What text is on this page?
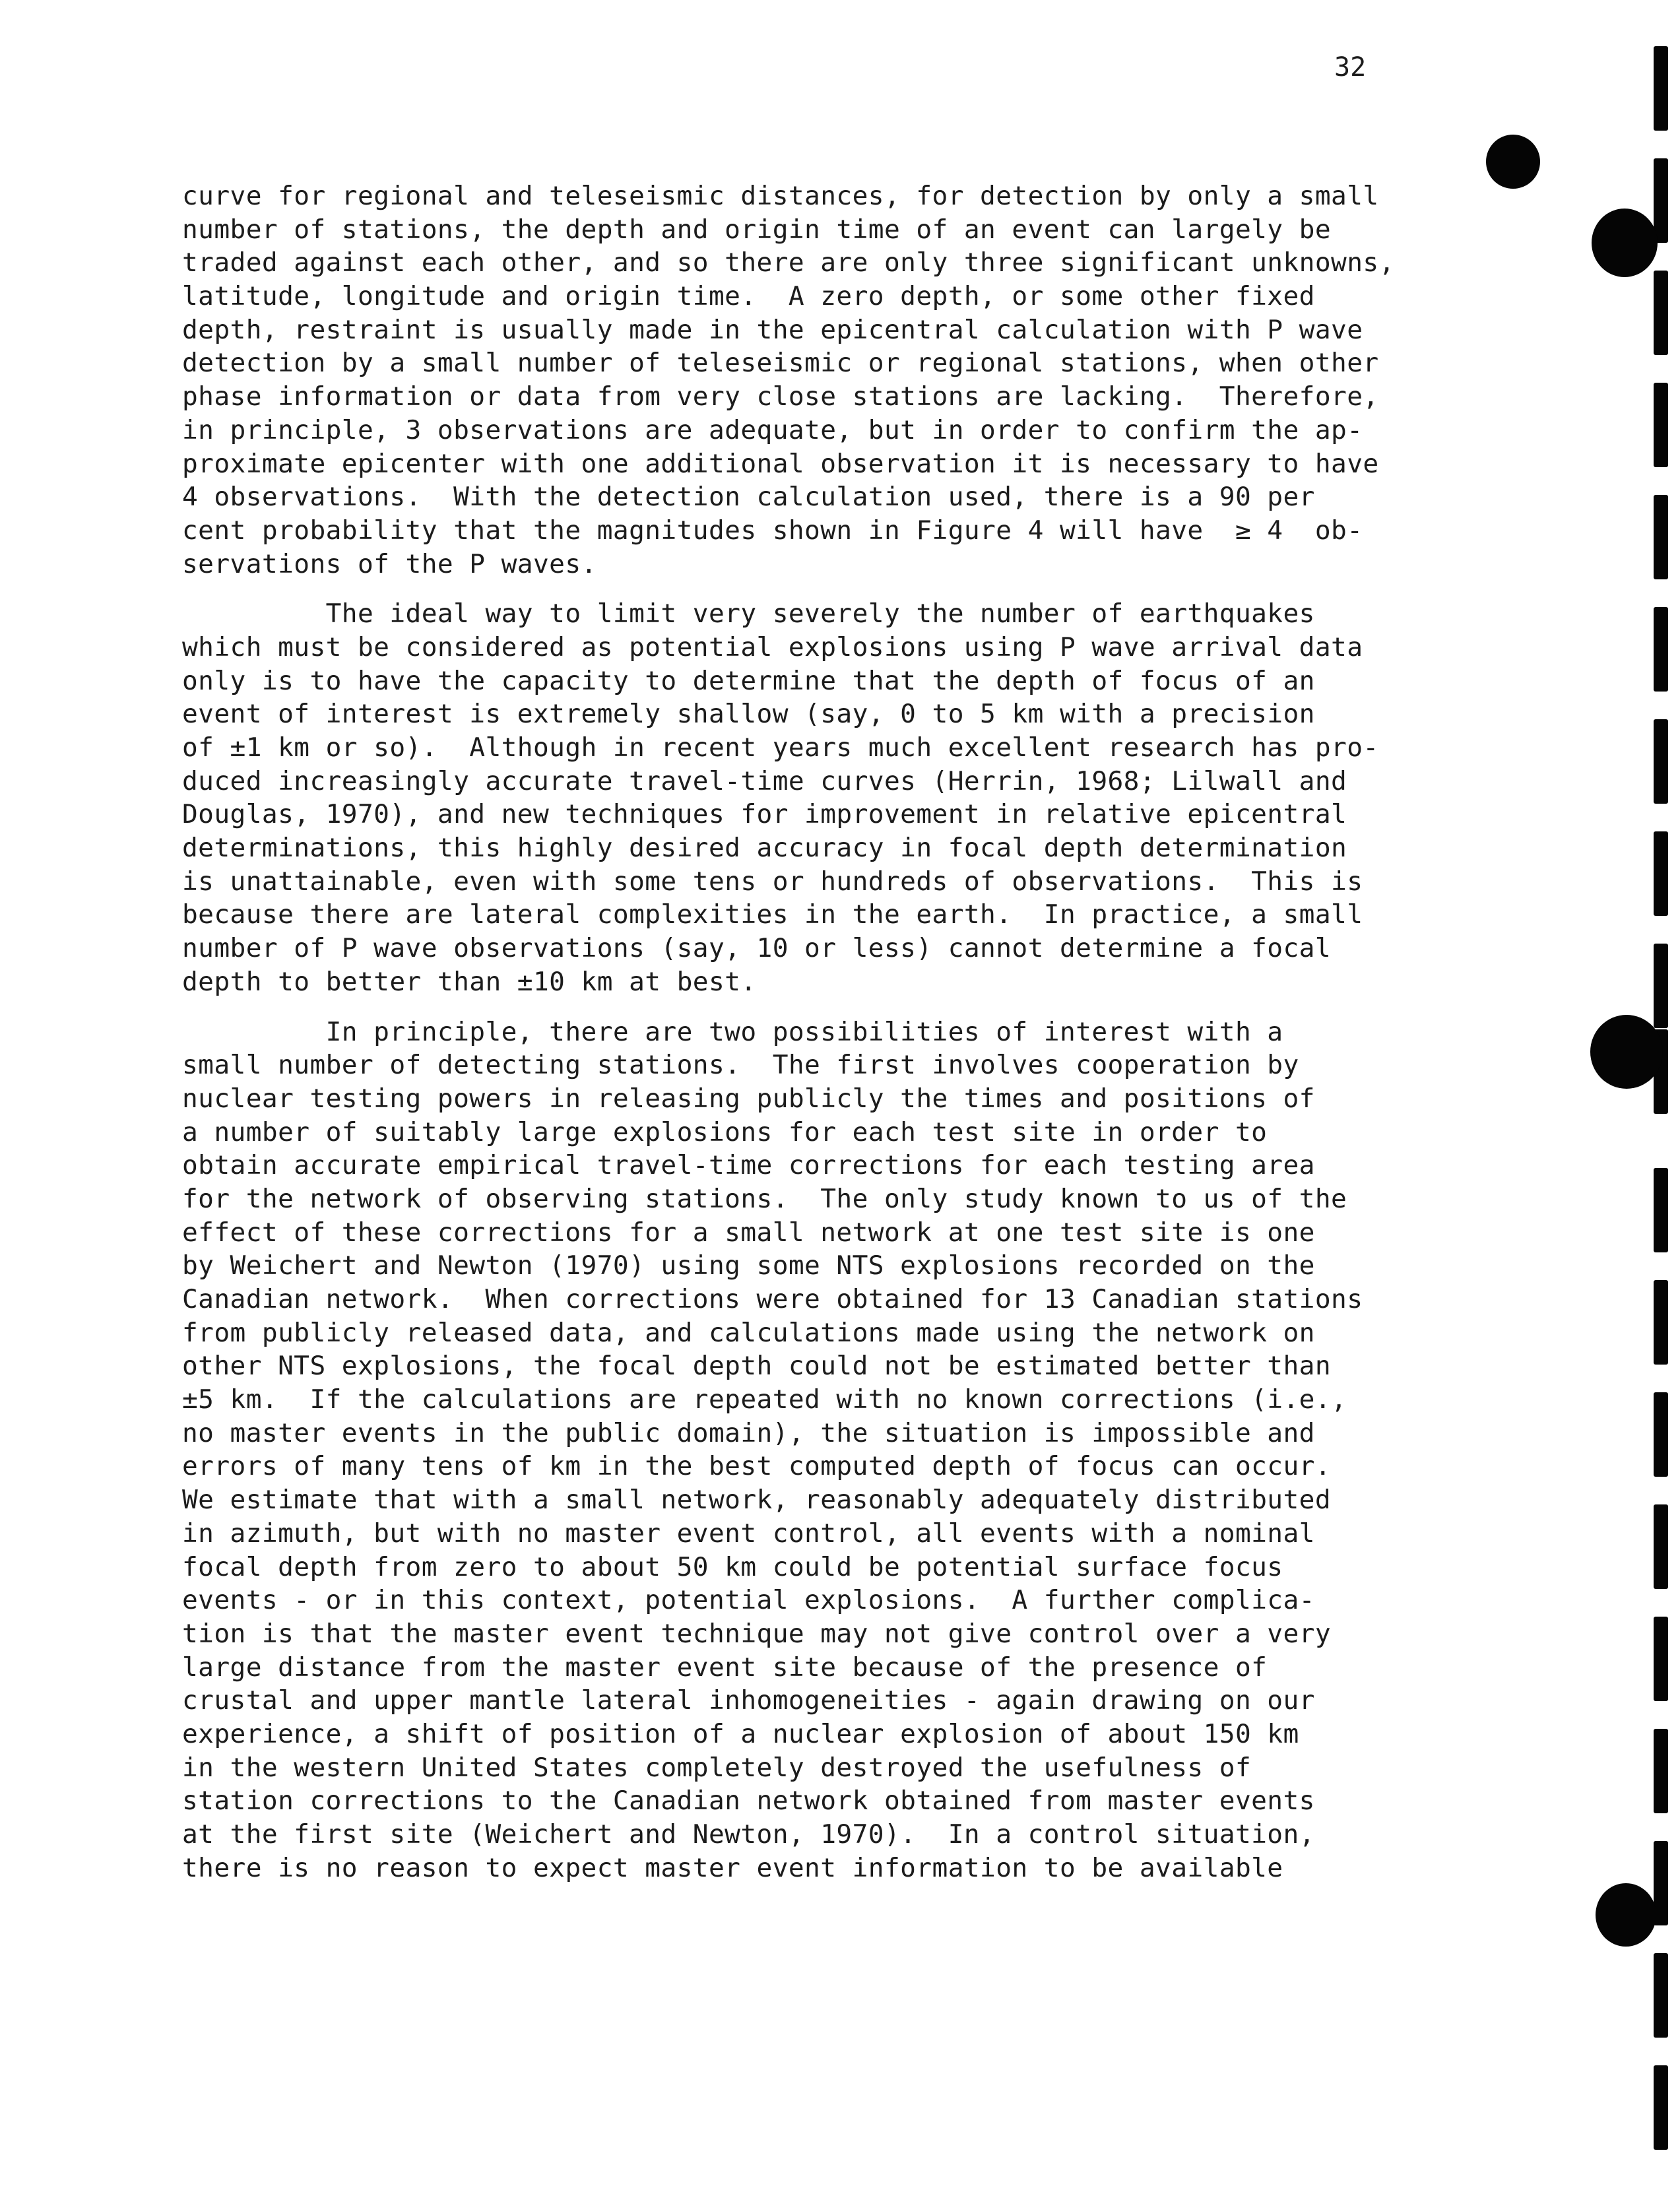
32

curve for regional and teleseismic distances, for detection by only a small
number of stations, the depth and origin time of an event can largely be
traded against each other, and so there are only three significant unknowns,
latitude, longitude and origin time.  A zero depth, or some other fixed
depth, restraint is usually made in the epicentral calculation with P wave
detection by a small number of teleseismic or regional stations, when other
phase information or data from very close stations are lacking.  Therefore,
in principle, 3 observations are adequate, but in order to confirm the ap-
proximate epicenter with one additional observation it is necessary to have
4 observations.  With the detection calculation used, there is a 90 per
cent probability that the magnitudes shown in Figure 4 will have  ≥ 4  ob-
servations of the P waves.

The ideal way to limit very severely the number of earthquakes
which must be considered as potential explosions using P wave arrival data
only is to have the capacity to determine that the depth of focus of an
event of interest is extremely shallow (say, 0 to 5 km with a precision
of ±1 km or so).  Although in recent years much excellent research has pro-
duced increasingly accurate travel-time curves (Herrin, 1968; Lilwall and
Douglas, 1970), and new techniques for improvement in relative epicentral
determinations, this highly desired accuracy in focal depth determination
is unattainable, even with some tens or hundreds of observations.  This is
because there are lateral complexities in the earth.  In practice, a small
number of P wave observations (say, 10 or less) cannot determine a focal
depth to better than ±10 km at best.

In principle, there are two possibilities of interest with a
small number of detecting stations.  The first involves cooperation by
nuclear testing powers in releasing publicly the times and positions of
a number of suitably large explosions for each test site in order to
obtain accurate empirical travel-time corrections for each testing area
for the network of observing stations.  The only study known to us of the
effect of these corrections for a small network at one test site is one
by Weichert and Newton (1970) using some NTS explosions recorded on the
Canadian network.  When corrections were obtained for 13 Canadian stations
from publicly released data, and calculations made using the network on
other NTS explosions, the focal depth could not be estimated better than
±5 km.  If the calculations are repeated with no known corrections (i.e.,
no master events in the public domain), the situation is impossible and
errors of many tens of km in the best computed depth of focus can occur.
We estimate that with a small network, reasonably adequately distributed
in azimuth, but with no master event control, all events with a nominal
focal depth from zero to about 50 km could be potential surface focus
events - or in this context, potential explosions.  A further complica-
tion is that the master event technique may not give control over a very
large distance from the master event site because of the presence of
crustal and upper mantle lateral inhomogeneities - again drawing on our
experience, a shift of position of a nuclear explosion of about 150 km
in the western United States completely destroyed the usefulness of
station corrections to the Canadian network obtained from master events
at the first site (Weichert and Newton, 1970).  In a control situation,
there is no reason to expect master event information to be available
